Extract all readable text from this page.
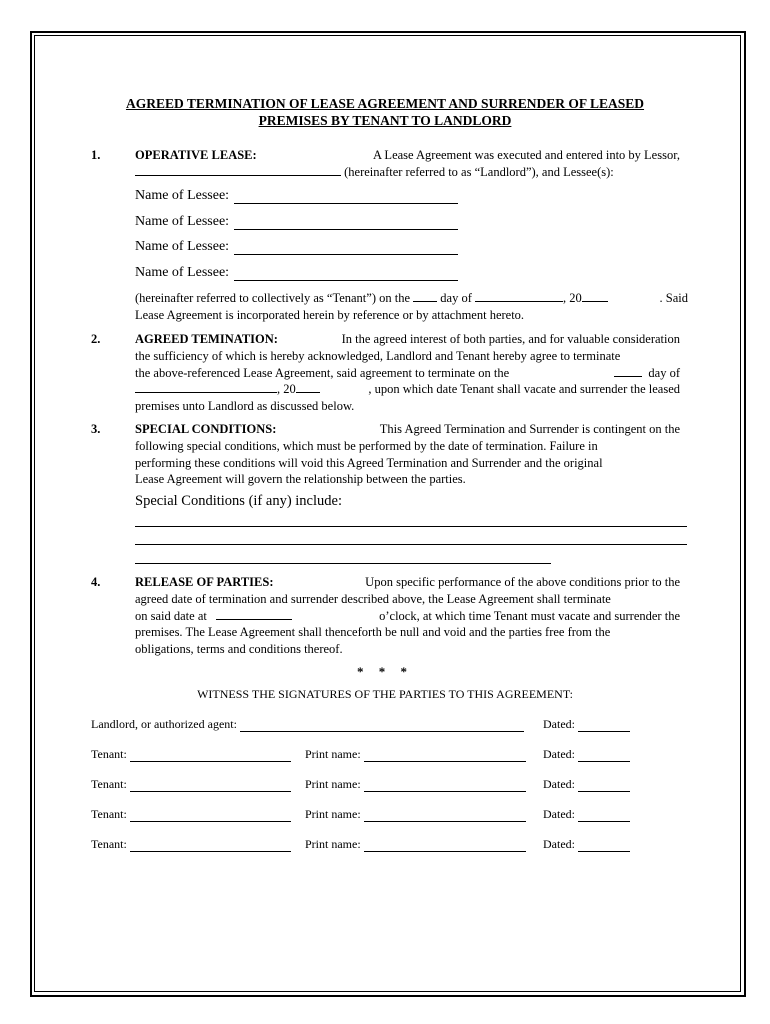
AGREED TERMINATION OF LEASE AGREEMENT AND SURRENDER OF LEASED
PREMISES BY TENANT TO LANDLORD
1.	OPERATIVE LEASE:	A Lease Agreement was executed and entered into by Lessor,
(hereinafter referred to as “Landlord”), and Lessee(s):
Name of Lessee:
Name of Lessee:
Name of Lessee:
Name of Lessee:
(hereinafter referred to collectively as “Tenant”) on the day of	, 20	. Said
Lease Agreement is incorporated herein by reference or by attachment hereto.
2.	AGREED TEMINATION:	In the agreed interest of both parties, and for valuable consideration
the sufficiency of which is hereby acknowledged, Landlord and Tenant hereby agree to terminate
the above-referenced Lease Agreement, said agreement to terminate on the	day of
, 20	, upon which date Tenant shall vacate and surrender the leased
premises unto Landlord as discussed below.
3.	SPECIAL CONDITIONS:	This Agreed Termination and Surrender is contingent on the
following special conditions, which must be performed by the date of termination. Failure in
performing these conditions will void this Agreed Termination and Surrender and the original
Lease Agreement will govern the relationship between the parties.
Special Conditions (if any) include:
4.	RELEASE OF PARTIES:	Upon specific performance of the above conditions prior to the
agreed date of termination and surrender described above, the Lease Agreement shall terminate
on said date at	o’clock, at which time Tenant must vacate and surrender the
premises. The Lease Agreement shall thenceforth be null and void and the parties free from the
obligations, terms and conditions thereof.
* * *
WITNESS THE SIGNATURES OF THE PARTIES TO THIS AGREEMENT:
Landlord, or authorized agent:	Dated:
Tenant:	Print name:	Dated:
Tenant:	Print name:	Dated:
Tenant:	Print name:	Dated:
Tenant:	Print name:	Dated:
